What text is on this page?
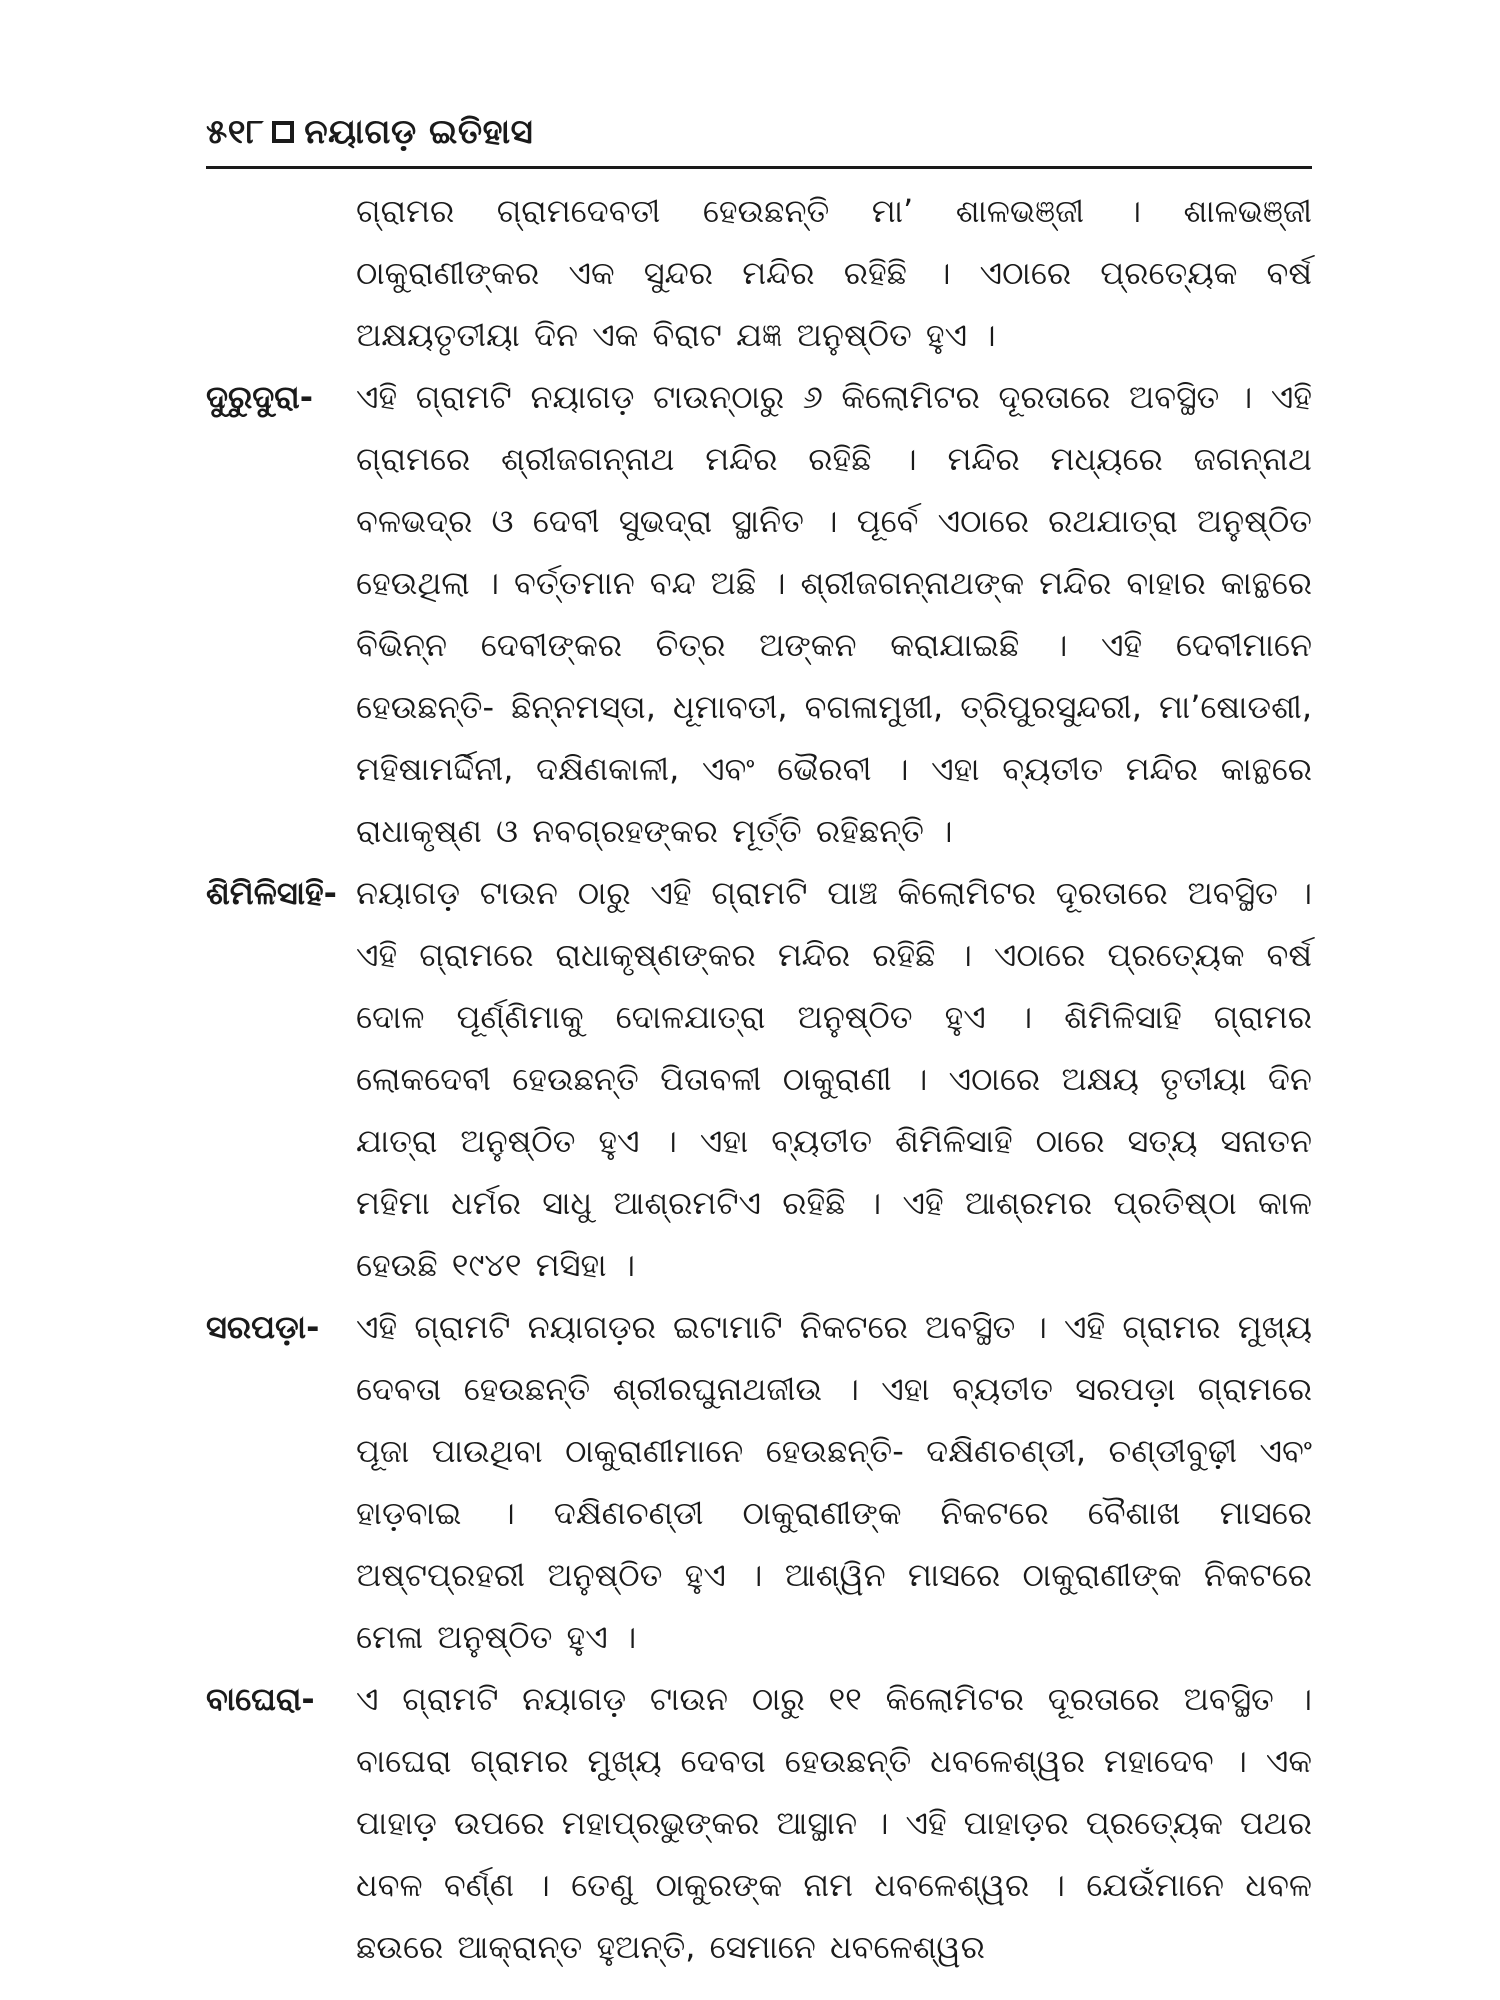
୫୧୮ ନୟାଗଡ଼ ଇତିହାସ
ଗ୍ରାମର ଗ୍ରାମଦେବତୀ ହେଉଛନ୍ତି ମା’ ଶାଳଭଞ୍ଜୀ । ଶାଳଭଞ୍ଜୀ ଠାକୁରାଣୀଙ୍କର ଏକ ସୁନ୍ଦର ମନ୍ଦିର ରହିଛି । ଏଠାରେ ପ୍ରତ୍ୟେକ ବର୍ଷ ଅକ୍ଷୟତୃତୀୟା ଦିନ ଏକ ବିରାଟ ଯଜ୍ଞ ଅନୁଷ୍ଠିତ ହୁଏ ।
ଦୁରୁଦୁରା-	ଏହି ଗ୍ରାମଟି ନୟାଗଡ଼ ଟାଉନ୍‌ଠାରୁ ୬ କିଲୋମିଟର ଦୂରତାରେ ଅବସ୍ଥିତ । ଏହି ଗ୍ରାମରେ ଶ୍ରୀଜଗନ୍ନାଥ ମନ୍ଦିର ରହିଛି । ମନ୍ଦିର ମଧ୍ୟରେ ଜଗନ୍ନାଥ ବଳଭଦ୍ର ଓ ଦେବୀ ସୁଭଦ୍ରା ସ୍ଥାନିତ । ପୂର୍ବେ ଏଠାରେ ରଥଯାତ୍ରା ଅନୁଷ୍ଠିତ ହେଉଥିଲା । ବର୍ତ୍ତମାନ ବନ୍ଦ ଅଛି । ଶ୍ରୀଜଗନ୍ନାଥଙ୍କ ମନ୍ଦିର ବାହାର କାନ୍ଥରେ ବିଭିନ୍ନ ଦେବୀଙ୍କର ଚିତ୍ର ଅଙ୍କନ କରାଯାଇଛି । ଏହି ଦେବୀମାନେ ହେଉଛନ୍ତି- ଛିନ୍ନମସ୍ତା, ଧୂମାବତୀ, ବଗଳାମୁଖୀ, ତ୍ରିପୁରସୁନ୍ଦରୀ, ମା’ଷୋଡଶୀ, ମହିଷାମର୍ଦ୍ଦିନୀ, ଦକ୍ଷିଣକାଳୀ, ଏବଂ ଭୈରବୀ । ଏହା ବ୍ୟତୀତ ମନ୍ଦିର କାନ୍ଥରେ ରାଧାକୃଷ୍ଣ ଓ ନବଗ୍ରହଙ୍କର ମୂର୍ତ୍ତି ରହିଛନ୍ତି ।
ଶିମିଳିସାହି- ନୟାଗଡ଼ ଟାଉନ ଠାରୁ ଏହି ଗ୍ରାମଟି ପାଞ୍ଚ କିଲୋମିଟର ଦୂରତାରେ ଅବସ୍ଥିତ । ଏହି ଗ୍ରାମରେ ରାଧାକୃଷ୍ଣଙ୍କର ମନ୍ଦିର ରହିଛି । ଏଠାରେ ପ୍ରତ୍ୟେକ ବର୍ଷ ଦୋଳ ପୂର୍ଣ୍ଣିମାକୁ ଦୋଳଯାତ୍ରା ଅନୁଷ୍ଠିତ ହୁଏ । ଶିମିଳିସାହି ଗ୍ରାମର ଲୋକଦେବୀ ହେଉଛନ୍ତି ପିତାବଳୀ ଠାକୁରାଣୀ । ଏଠାରେ ଅକ୍ଷୟ ତୃତୀୟା ଦିନ ଯାତ୍ରା ଅନୁଷ୍ଠିତ ହୁଏ । ଏହା ବ୍ୟତୀତ ଶିମିଳିସାହି ଠାରେ ସତ୍ୟ ସନାତନ ମହିମା ଧର୍ମର ସାଧୁ ଆଶ୍ରମଟିଏ ରହିଛି । ଏହି ଆଶ୍ରମର ପ୍ରତିଷ୍ଠା କାଳ ହେଉଛି ୧୯୪୧ ମସିହା ।
ସରପଡ଼ା-	ଏହି ଗ୍ରାମଟି ନୟାଗଡ଼ର ଇଟାମାଟି ନିକଟରେ ଅବସ୍ଥିତ । ଏହି ଗ୍ରାମର ମୁଖ୍ୟ ଦେବତା ହେଉଛନ୍ତି ଶ୍ରୀରଘୁନାଥଜୀଉ । ଏହା ବ୍ୟତୀତ ସରପଡ଼ା ଗ୍ରାମରେ ପୂଜା ପାଉଥିବା ଠାକୁରାଣୀମାନେ ହେଉଛନ୍ତି- ଦକ୍ଷିଣଚଣ୍ଡୀ, ଚଣ୍ଡୀବୁଢ଼ୀ ଏବଂ ହାଡ଼ବାଇ । ଦକ୍ଷିଣଚଣ୍ଡୀ ଠାକୁରାଣୀଙ୍କ ନିକଟରେ ବୈଶାଖ ମାସରେ ଅଷ୍ଟପ୍ରହରୀ ଅନୁଷ୍ଠିତ ହୁଏ । ଆଶ୍ୱିନ ମାସରେ ଠାକୁରାଣୀଙ୍କ ନିକଟରେ ମେଳା ଅନୁଷ୍ଠିତ ହୁଏ ।
ବାଘେରା-	ଏ ଗ୍ରାମଟି ନୟାଗଡ଼ ଟାଉନ ଠାରୁ ୧୧ କିଲୋମିଟର ଦୂରତାରେ ଅବସ୍ଥିତ । ବାଘେରା ଗ୍ରାମର ମୁଖ୍ୟ ଦେବତା ହେଉଛନ୍ତି ଧବଳେଶ୍ୱର ମହାଦେବ । ଏକ ପାହାଡ଼ ଉପରେ ମହାପ୍ରଭୁଙ୍କର ଆସ୍ଥାନ । ଏହି ପାହାଡ଼ର ପ୍ରତ୍ୟେକ ପଥର ଧବଳ ବର୍ଣ୍ଣ । ତେଣୁ ଠାକୁରଙ୍କ ନାମ ଧବଳେଶ୍ୱର । ଯେଉଁମାନେ ଧବଳ ଛଉରେ ଆକ୍ରାନ୍ତ ହୁଅନ୍ତି, ସେମାନେ ଧବଳେଶ୍ୱର
